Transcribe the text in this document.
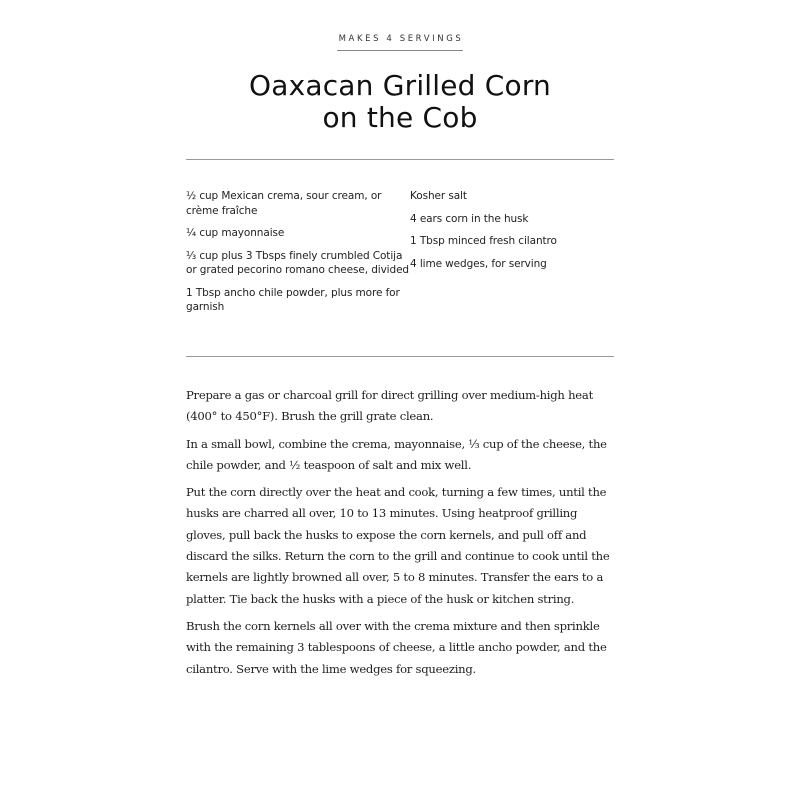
MAKES 4 SERVINGS
Oaxacan Grilled Corn
on the Cob
½ cup Mexican crema, sour cream, or crème fraîche
¼ cup mayonnaise
⅓ cup plus 3 Tbsps finely crumbled Cotija or grated pecorino romano cheese, divided
1 Tbsp ancho chile powder, plus more for garnish
Kosher salt
4 ears corn in the husk
1 Tbsp minced fresh cilantro
4 lime wedges, for serving

Prepare a gas or charcoal grill for direct grilling over medium-high heat (400° to 450°F). Brush the grill grate clean.

In a small bowl, combine the crema, mayonnaise, ⅓ cup of the cheese, the chile powder, and ½ teaspoon of salt and mix well.

Put the corn directly over the heat and cook, turning a few times, until the husks are charred all over, 10 to 13 minutes. Using heatproof grilling gloves, pull back the husks to expose the corn kernels, and pull off and discard the silks. Return the corn to the grill and continue to cook until the kernels are lightly browned all over, 5 to 8 minutes. Transfer the ears to a platter. Tie back the husks with a piece of the husk or kitchen string.

Brush the corn kernels all over with the crema mixture and then sprinkle with the remaining 3 tablespoons of cheese, a little ancho powder, and the cilantro. Serve with the lime wedges for squeezing.
